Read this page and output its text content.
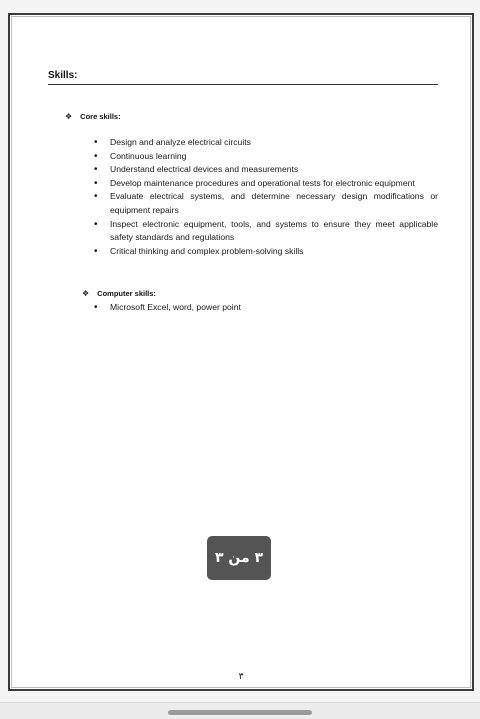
Skills:
❖ Core skills:
• Design and analyze electrical circuits
• Continuous learning
• Understand electrical devices and measurements
• Develop maintenance procedures and operational tests for electronic equipment
• Evaluate electrical systems, and determine necessary design modifications or equipment repairs
• Inspect electronic equipment, tools, and systems to ensure they meet applicable safety standards and regulations
• Critical thinking and complex problem-solving skills
❖ Computer skills:
• Microsoft Excel, word, power point
٣
٣ من ٣
